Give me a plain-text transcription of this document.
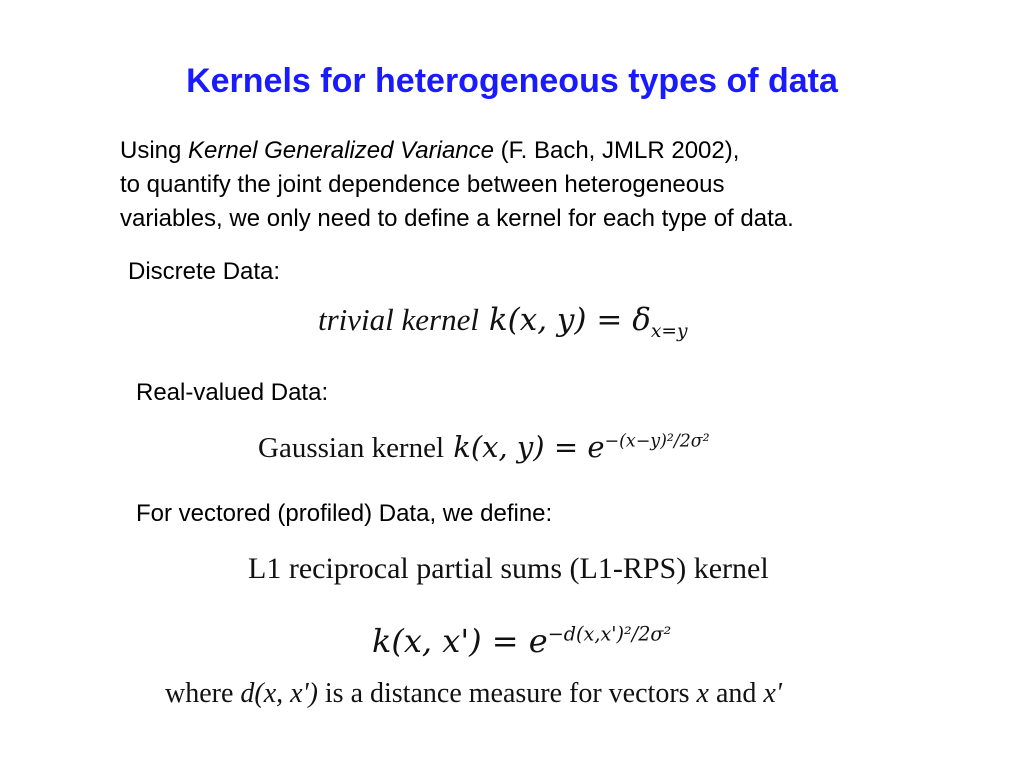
Kernels for heterogeneous types of data
Using Kernel Generalized Variance (F. Bach, JMLR 2002),
to quantify the joint dependence between heterogeneous
variables, we only need to define a kernel for each type of data.
Discrete Data:
trivial kernel k(x, $y) = \delta_{x=y}$
Real-valued Data:
Gaussian kernel k(x, $y) = e^{-(x-y)^2/2\sigma^2}$
For vectored (profiled) Data, we define:
L1 reciprocal partial sums (L1-RPS) kernel
k(x, $x') = e^{-d(x,x')^2/2\sigma^2}$
where d(x, x') is a distance measure for vectors x and x'
